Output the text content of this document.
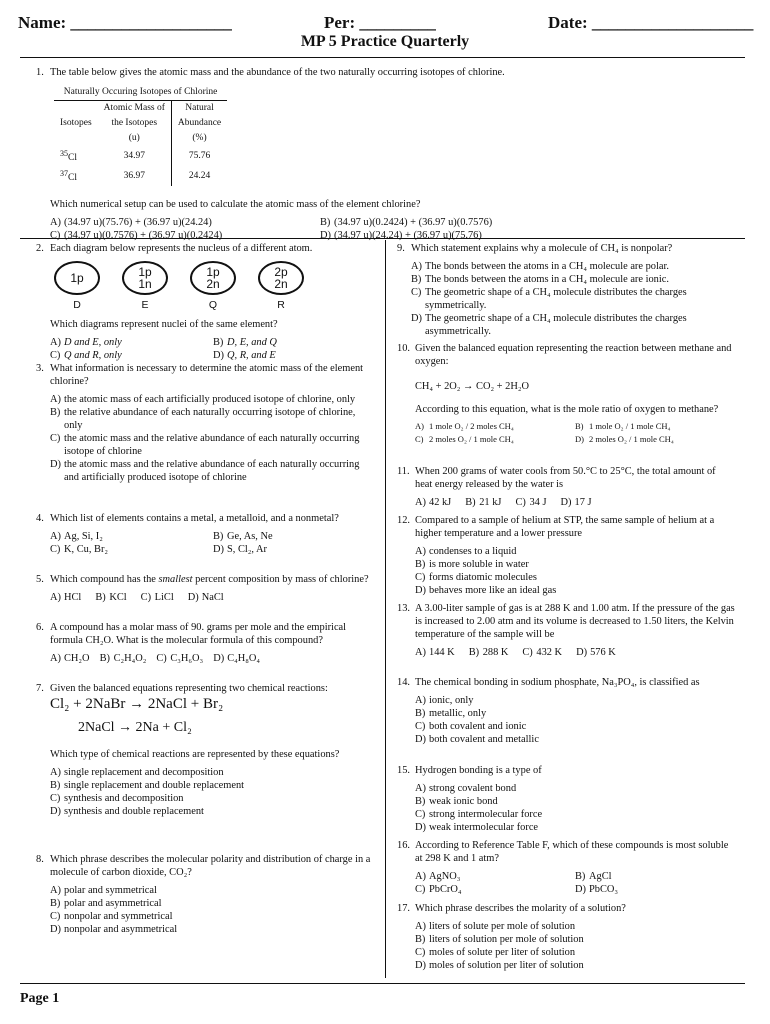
Name: ___________________	Per: _________	Date: ___________________
MP 5 Practice Quarterly
1. The table below gives the atomic mass and the abundance of the two naturally occurring isotopes of chlorine.
Naturally Occuring Isotopes of Chlorine		
	Atomic Mass of	Natural
Isotopes	the Isotopes	Abundance
	(u)	(%)
$^{35}$Cl	34.97	75.76
$^{37}$Cl	36.97	24.24
Which numerical setup can be used to calculate the atomic mass of the element chlorine?
A) (34.97 u)(75.76) + (36.97 u)(24.24)	B) (34.97 u)(0.2424) + (36.97 u)(0.7576)
C) (34.97 u)(0.7576) + (36.97 u)(0.2424)	D) (34.97 u)(24.24) + (36.97 u)(75.76)
2. Each diagram below represents the nucleus of a different atom.
1p
D
1p
1n
E
1p
2n
Q
2p
2n
R
Which diagrams represent nuclei of the same element?
A) D and E, only	B) D, E, and Q
C) Q and R, only	D) Q, R, and E
3. What information is necessary to determine the atomic mass of the element chlorine?
A) the atomic mass of each artificially produced isotope of chlorine, only
B) the relative abundance of each naturally occurring isotope of chlorine, only
C) the atomic mass and the relative abundance of each naturally occurring isotope of chlorine
D) the atomic mass and the relative abundance of each naturally occurring and artificially produced isotope of chlorine
4. Which list of elements contains a metal, a metalloid, and a nonmetal?
A) Ag, Si, I₂	B) Ge, As, Ne
C) K, Cu, Br₂	D) S, Cl₂, Ar
5. Which compound has the smallest percent composition by mass of chlorine?
A) HCl B) KCl C) LiCl D) NaCl
6. A compound has a molar mass of 90. grams per mole and the empirical formula CH₂O. What is the molecular formula of this compound?
A) CH₂O B) C₂H₄O₂ C) C₃H₆O₃ D) C₄H₈O₄
7. Given the balanced equations representing two chemical reactions:
Cl₂ + 2NaBr → 2NaCl + Br₂
2NaCl → 2Na + Cl₂
Which type of chemical reactions are represented by these equations?
A) single replacement and decomposition
B) single replacement and double replacement
C) synthesis and decomposition
D) synthesis and double replacement
8. Which phrase describes the molecular polarity and distribution of charge in a molecule of carbon dioxide, CO₂?
A) polar and symmetrical
B) polar and asymmetrical
C) nonpolar and symmetrical
D) nonpolar and asymmetrical
9. Which statement explains why a molecule of CH₄ is nonpolar?
A) The bonds between the atoms in a CH₄ molecule are polar.
B) The bonds between the atoms in a CH₄ molecule are ionic.
C) The geometric shape of a CH₄ molecule distributes the charges symmetrically.
D) The geometric shape of a CH₄ molecule distributes the charges asymmetrically.
10. Given the balanced equation representing the reaction between methane and oxygen:
CH₄ + 2O₂ → CO₂ + 2H₂O
According to this equation, what is the mole ratio of oxygen to methane?
A) 1 mole O₂ / 2 moles CH₄	B) 1 mole O₂ / 1 mole CH₄
C) 2 moles O₂ / 1 mole CH₄	D) 2 moles O₂ / 1 mole CH₄
11. When 200 grams of water cools from 50.°C to 25°C, the total amount of heat energy released by the water is
A) 42 kJ B) 21 kJ C) 34 J D) 17 J
12. Compared to a sample of helium at STP, the same sample of helium at a higher temperature and a lower pressure
A) condenses to a liquid
B) is more soluble in water
C) forms diatomic molecules
D) behaves more like an ideal gas
13. A 3.00-liter sample of gas is at 288 K and 1.00 atm. If the pressure of the gas is increased to 2.00 atm and its volume is decreased to 1.50 liters, the Kelvin temperature of the sample will be
A) 144 K B) 288 K C) 432 K D) 576 K
14. The chemical bonding in sodium phosphate, Na₃PO₄, is classified as
A) ionic, only
B) metallic, only
C) both covalent and ionic
D) both covalent and metallic
15. Hydrogen bonding is a type of
A) strong covalent bond
B) weak ionic bond
C) strong intermolecular force
D) weak intermolecular force
16. According to Reference Table F, which of these compounds is most soluble at 298 K and 1 atm?
A) AgNO₃	B) AgCl
C) PbCrO₄	D) PbCO₃
17. Which phrase describes the molarity of a solution?
A) liters of solute per mole of solution
B) liters of solution per mole of solution
C) moles of solute per liter of solution
D) moles of solution per liter of solution
Page 1
